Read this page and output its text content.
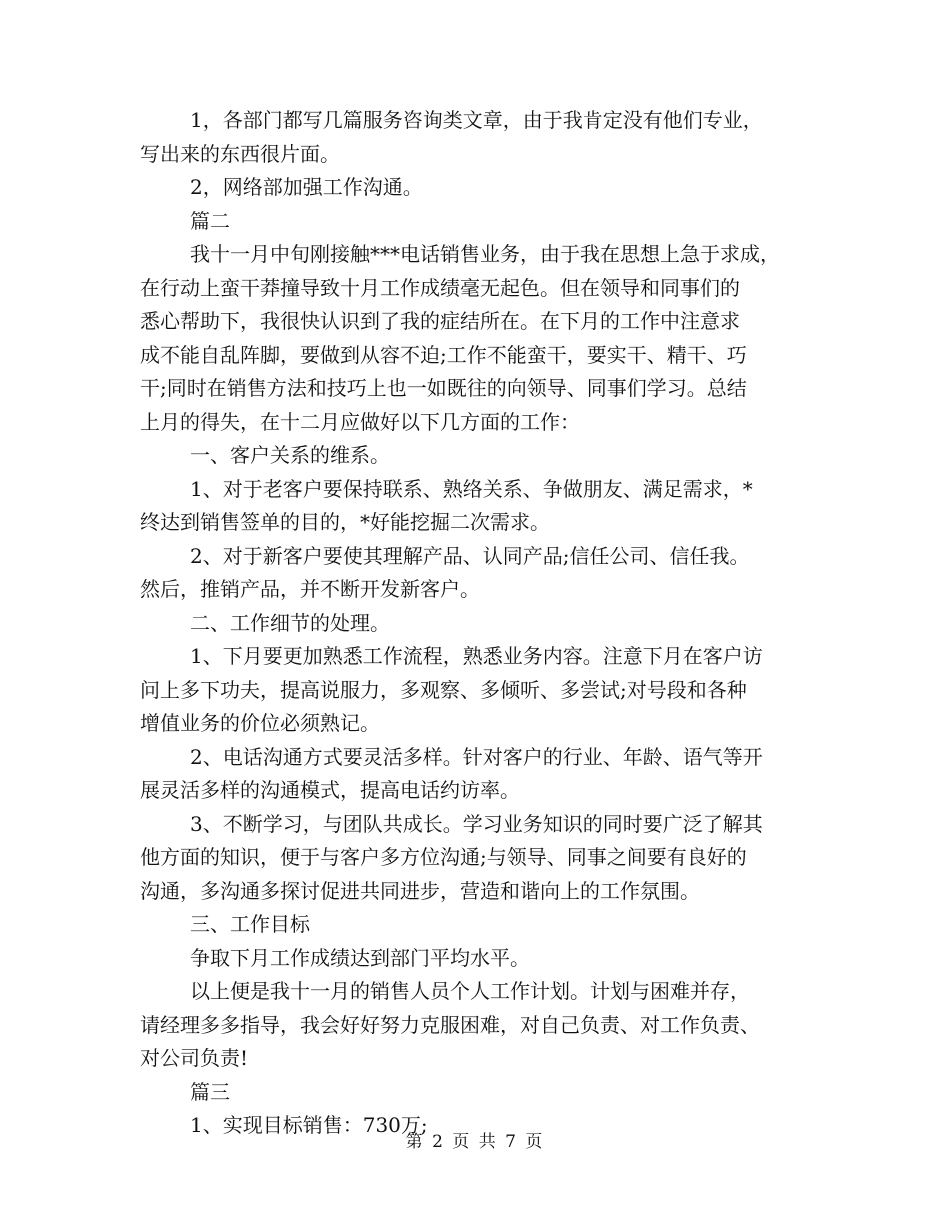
1，各部门都写几篇服务咨询类文章，由于我肯定没有他们专业，
写出来的东西很片面。
2，网络部加强工作沟通。
篇二
我十一月中旬刚接触***电话销售业务，由于我在思想上急于求成，
在行动上蛮干莽撞导致十月工作成绩毫无起色。但在领导和同事们的
悉心帮助下，我很快认识到了我的症结所在。在下月的工作中注意求
成不能自乱阵脚，要做到从容不迫;工作不能蛮干，要实干、精干、巧
干;同时在销售方法和技巧上也一如既往的向领导、同事们学习。总结
上月的得失，在十二月应做好以下几方面的工作：
一、客户关系的维系。
1、对于老客户要保持联系、熟络关系、争做朋友、满足需求，*
终达到销售签单的目的，*好能挖掘二次需求。
2、对于新客户要使其理解产品、认同产品;信任公司、信任我。
然后，推销产品，并不断开发新客户。
二、工作细节的处理。
1、下月要更加熟悉工作流程，熟悉业务内容。注意下月在客户访
问上多下功夫，提高说服力，多观察、多倾听、多尝试;对号段和各种
增值业务的价位必须熟记。
2、电话沟通方式要灵活多样。针对客户的行业、年龄、语气等开
展灵活多样的沟通模式，提高电话约访率。
3、不断学习，与团队共成长。学习业务知识的同时要广泛了解其
他方面的知识，便于与客户多方位沟通;与领导、同事之间要有良好的
沟通，多沟通多探讨促进共同进步，营造和谐向上的工作氛围。
三、工作目标
争取下月工作成绩达到部门平均水平。
以上便是我十一月的销售人员个人工作计划。计划与困难并存，
请经理多多指导，我会好好努力克服困难，对自己负责、对工作负责、
对公司负责!
篇三
1、实现目标销售：730万;
第 2 页 共 7 页
